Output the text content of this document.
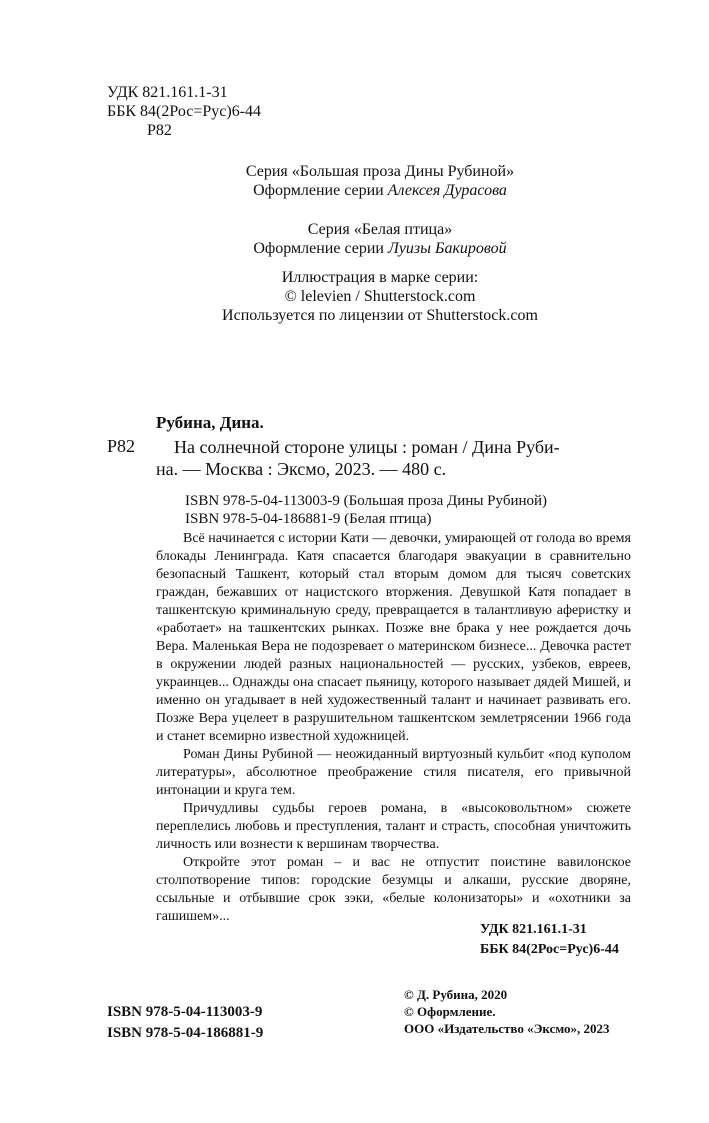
УДК 821.161.1-31
ББК 84(2Рос=Рус)6-44
Р82
Серия «Большая проза Дины Рубиной»
Оформление серии Алексея Дурасова
Серия «Белая птица»
Оформление серии Луизы Бакировой
Иллюстрация в марке серии:
© lelevien / Shutterstock.com
Используется по лицензии от Shutterstock.com
Рубина, Дина.
Р82	На солнечной стороне улицы : роман / Дина Руби-
на. — Москва : Эксмо, 2023. — 480 с.
ISBN 978-5-04-113003-9 (Большая проза Дины Рубиной)
ISBN 978-5-04-186881-9 (Белая птица)

Всё начинается с истории Кати — девочки, умирающей от голода во время блокады Ленинграда. Катя спасается благодаря эвакуации в сравнительно безопасный Ташкент, который стал вторым домом для тысяч советских граждан, бежавших от нацистского вторжения. Девушкой Катя попадает в ташкентскую криминальную среду, превращается в талантливую аферистку и «работает» на ташкентских рынках. Позже вне брака у нее рождается дочь Вера. Маленькая Вера не подозревает о материнском бизнесе... Девочка растет в окружении людей разных национальностей — русских, узбеков, евреев, украинцев... Однажды она спасает пьяницу, которого называет дядей Мишей, и именно он угадывает в ней художественный талант и начинает развивать его. Позже Вера уцелеет в разрушительном ташкентском землетрясении 1966 года и станет всемирно известной художницей.

Роман Дины Рубиной — неожиданный виртуозный кульбит «под куполом литературы», абсолютное преображение стиля писателя, его привычной интонации и круга тем.

Причудливы судьбы героев романа, в «высоковольтном» сюжете переплелись любовь и преступления, талант и страсть, способная уничтожить личность или вознести к вершинам творчества.

Откройте этот роман – и вас не отпустит поистине вавилонское столпотворение типов: городские безумцы и алкаши, русские дворяне, ссыльные и отбывшие срок зэки, «белые колонизаторы» и «охотники за гашишем»...

УДК 821.161.1-31
ББК 84(2Рос=Рус)6-44
ISBN 978-5-04-113003-9
ISBN 978-5-04-186881-9
© Д. Рубина, 2020
© Оформление.
ООО «Издательство «Эксмо», 2023
